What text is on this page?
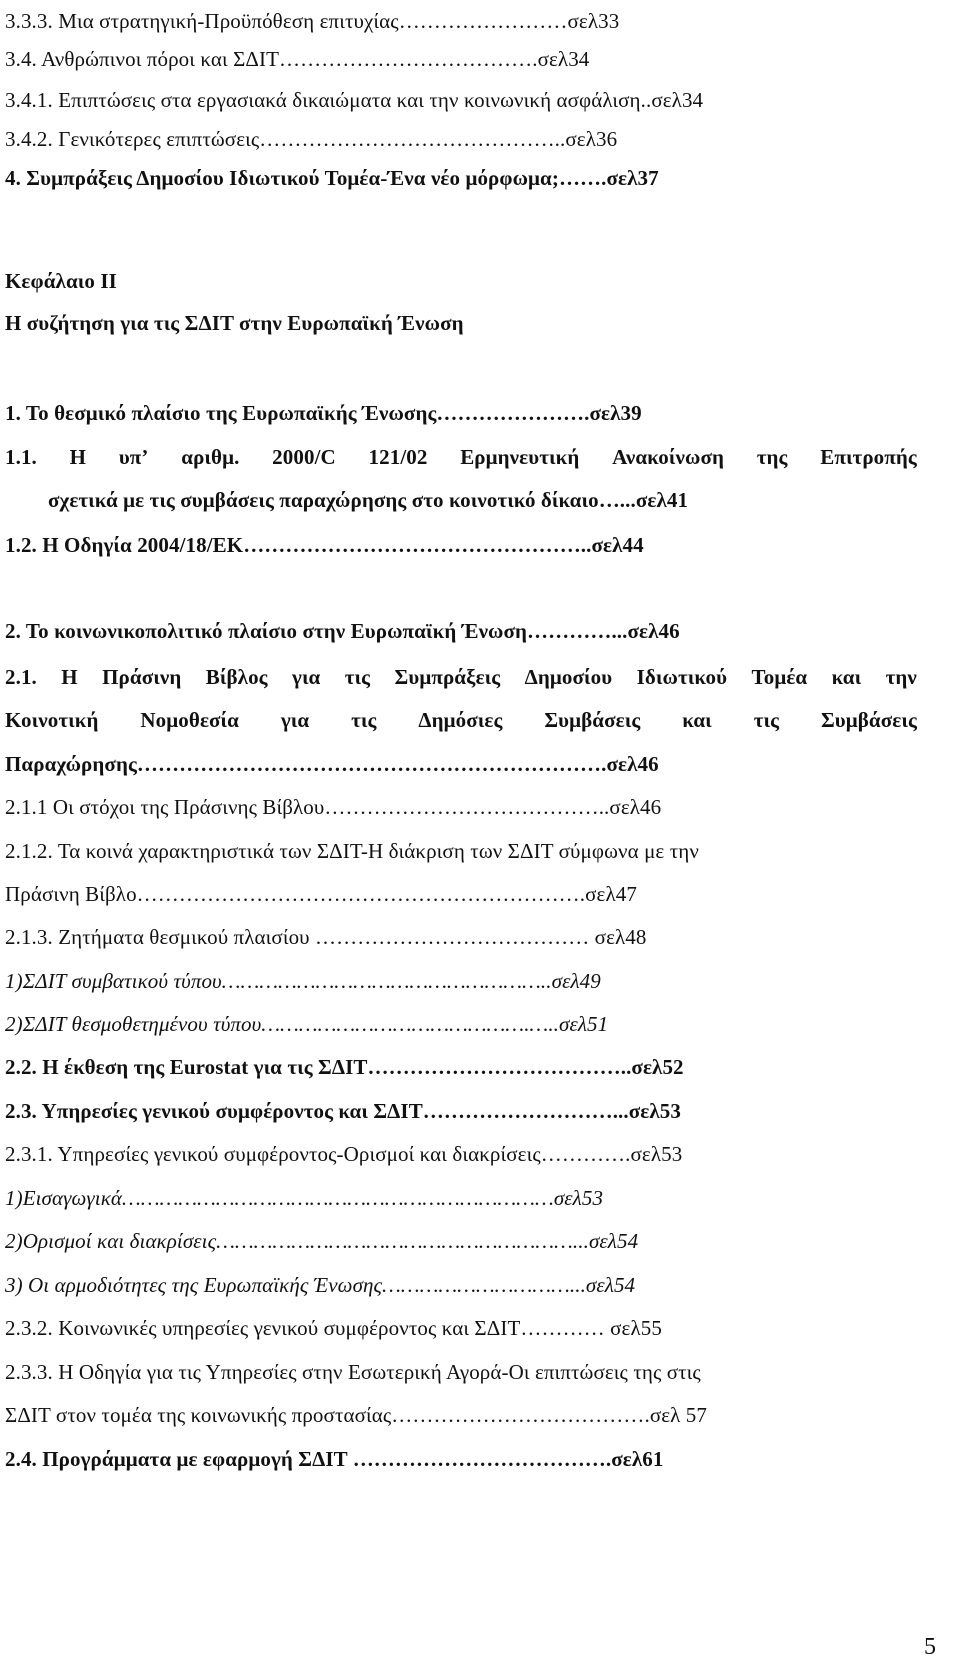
3.3.3. Μια στρατηγική-Προϋπόθεση επιτυχίας……………………σελ33
3.4. Ανθρώπινοι πόροι και ΣΔΙΤ……………………………….σελ34
3.4.1. Επιπτώσεις στα εργασιακά δικαιώματα και την κοινωνική ασφάλιση..σελ34
3.4.2. Γενικότερες επιπτώσεις……………………………………..σελ36
4. Συμπράξεις Δημοσίου Ιδιωτικού Τομέα-Ένα νέο μόρφωμα;…….σελ37
Κεφάλαιο ΙΙ
Η συζήτηση για τις ΣΔΙΤ στην Ευρωπαϊκή Ένωση
1. Το θεσμικό πλαίσιο της Ευρωπαϊκής Ένωσης………………….σελ39
1.1. Η υπ’ αριθμ. 2000/C 121/02 Ερμηνευτική Ανακοίνωση της Επιτροπής
σχετικά με τις συμβάσεις παραχώρησης στο κοινοτικό δίκαιο…...σελ41
1.2. Η Οδηγία 2004/18/ΕΚ…………………………………………..σελ44
2. Το κοινωνικοπολιτικό πλαίσιο στην Ευρωπαϊκή Ένωση…………...σελ46
2.1. Η Πράσινη Βίβλος για τις Συμπράξεις Δημοσίου Ιδιωτικού Τομέα και την
Κοινοτική Νομοθεσία για τις Δημόσιες Συμβάσεις και τις Συμβάσεις
Παραχώρησης………………………………………………………….σελ46
2.1.1 Οι στόχοι της Πράσινης Βίβλου…………………………………..σελ46
2.1.2. Τα κοινά χαρακτηριστικά των ΣΔΙΤ-Η διάκριση των ΣΔΙΤ σύμφωνα με την
Πράσινη Βίβλο……………………………………………………….σελ47
2.1.3. Ζητήματα θεσμικού πλαισίου ………………………………… σελ48
1)ΣΔΙΤ συμβατικού τύπου……………………………………………..σελ49
2)ΣΔΙΤ θεσμοθετημένου τύπου…………………………………….…..σελ51
2.2. Η έκθεση της Eurostat για τις ΣΔΙΤ………………………………..σελ52
2.3. Υπηρεσίες γενικού συμφέροντος και ΣΔΙΤ………………………...σελ53
2.3.1. Υπηρεσίες γενικού συμφέροντος-Ορισμοί και διακρίσεις………….σελ53
1)Εισαγωγικά……………………………………………………………σελ53
2)Ορισμοί και διακρίσεις…………………………………………………...σελ54
3) Οι αρμοδιότητες της Ευρωπαϊκής Ένωσης…………………………...σελ54
2.3.2. Κοινωνικές υπηρεσίες γενικού συμφέροντος και ΣΔΙΤ………… σελ55
2.3.3. Η Οδηγία για τις Υπηρεσίες στην Εσωτερική Αγορά-Οι επιπτώσεις της στις
ΣΔΙΤ στον τομέα της κοινωνικής προστασίας……………………………….σελ 57
2.4. Προγράμματα με εφαρμογή ΣΔΙΤ ……………………………….σελ61
5
